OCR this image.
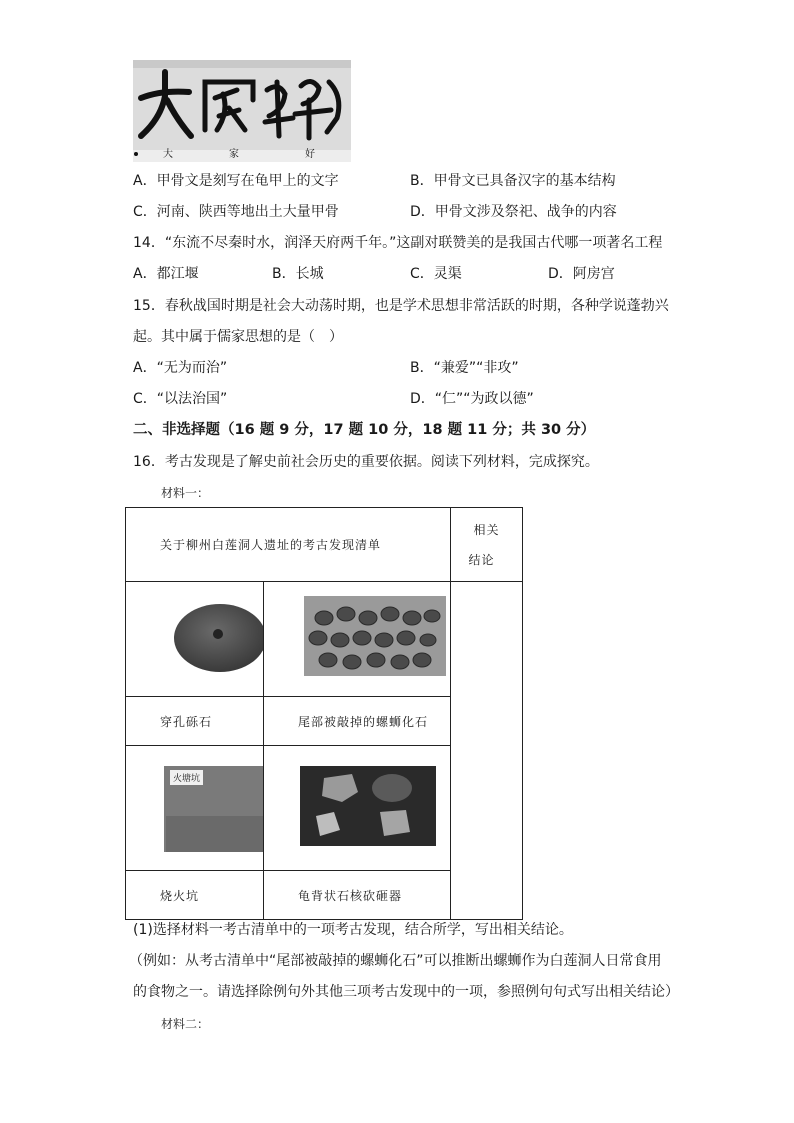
大	家	好
A．甲骨文是刻写在龟甲上的文字	B．甲骨文已具备汉字的基本结构
C．河南、陕西等地出土大量甲骨	D．甲骨文涉及祭祀、战争的内容
14．“东流不尽秦时水，润泽天府两千年。”这副对联赞美的是我国古代哪一项著名工程
A．都江堰	B．长城	C．灵渠	D．阿房宫
15．春秋战国时期是社会大动荡时期，也是学术思想非常活跃的时期，各种学说蓬勃兴
起。其中属于儒家思想的是（　）
A．“无为而治”	B．“兼爱”“非攻”
C．“以法治国”	D．“仁”“为政以德”
二、非选择题（16 题 9 分，17 题 10 分，18 题 11 分；共 30 分）
16．考古发现是了解史前社会历史的重要依据。阅读下列材料，完成探究。
材料一：
关于柳州白莲洞人遗址的考古发现清单		相关
结论

穿孔砾石	尾部被敲掉的螺蛳化石	

火塘坑

烧火坑	龟背状石核砍砸器	
(1)选择材料一考古清单中的一项考古发现，结合所学，写出相关结论。
（例如：从考古清单中“尾部被敲掉的螺蛳化石”可以推断出螺蛳作为白莲洞人日常食用
的食物之一。请选择除例句外其他三项考古发现中的一项，参照例句句式写出相关结论）
材料二：
